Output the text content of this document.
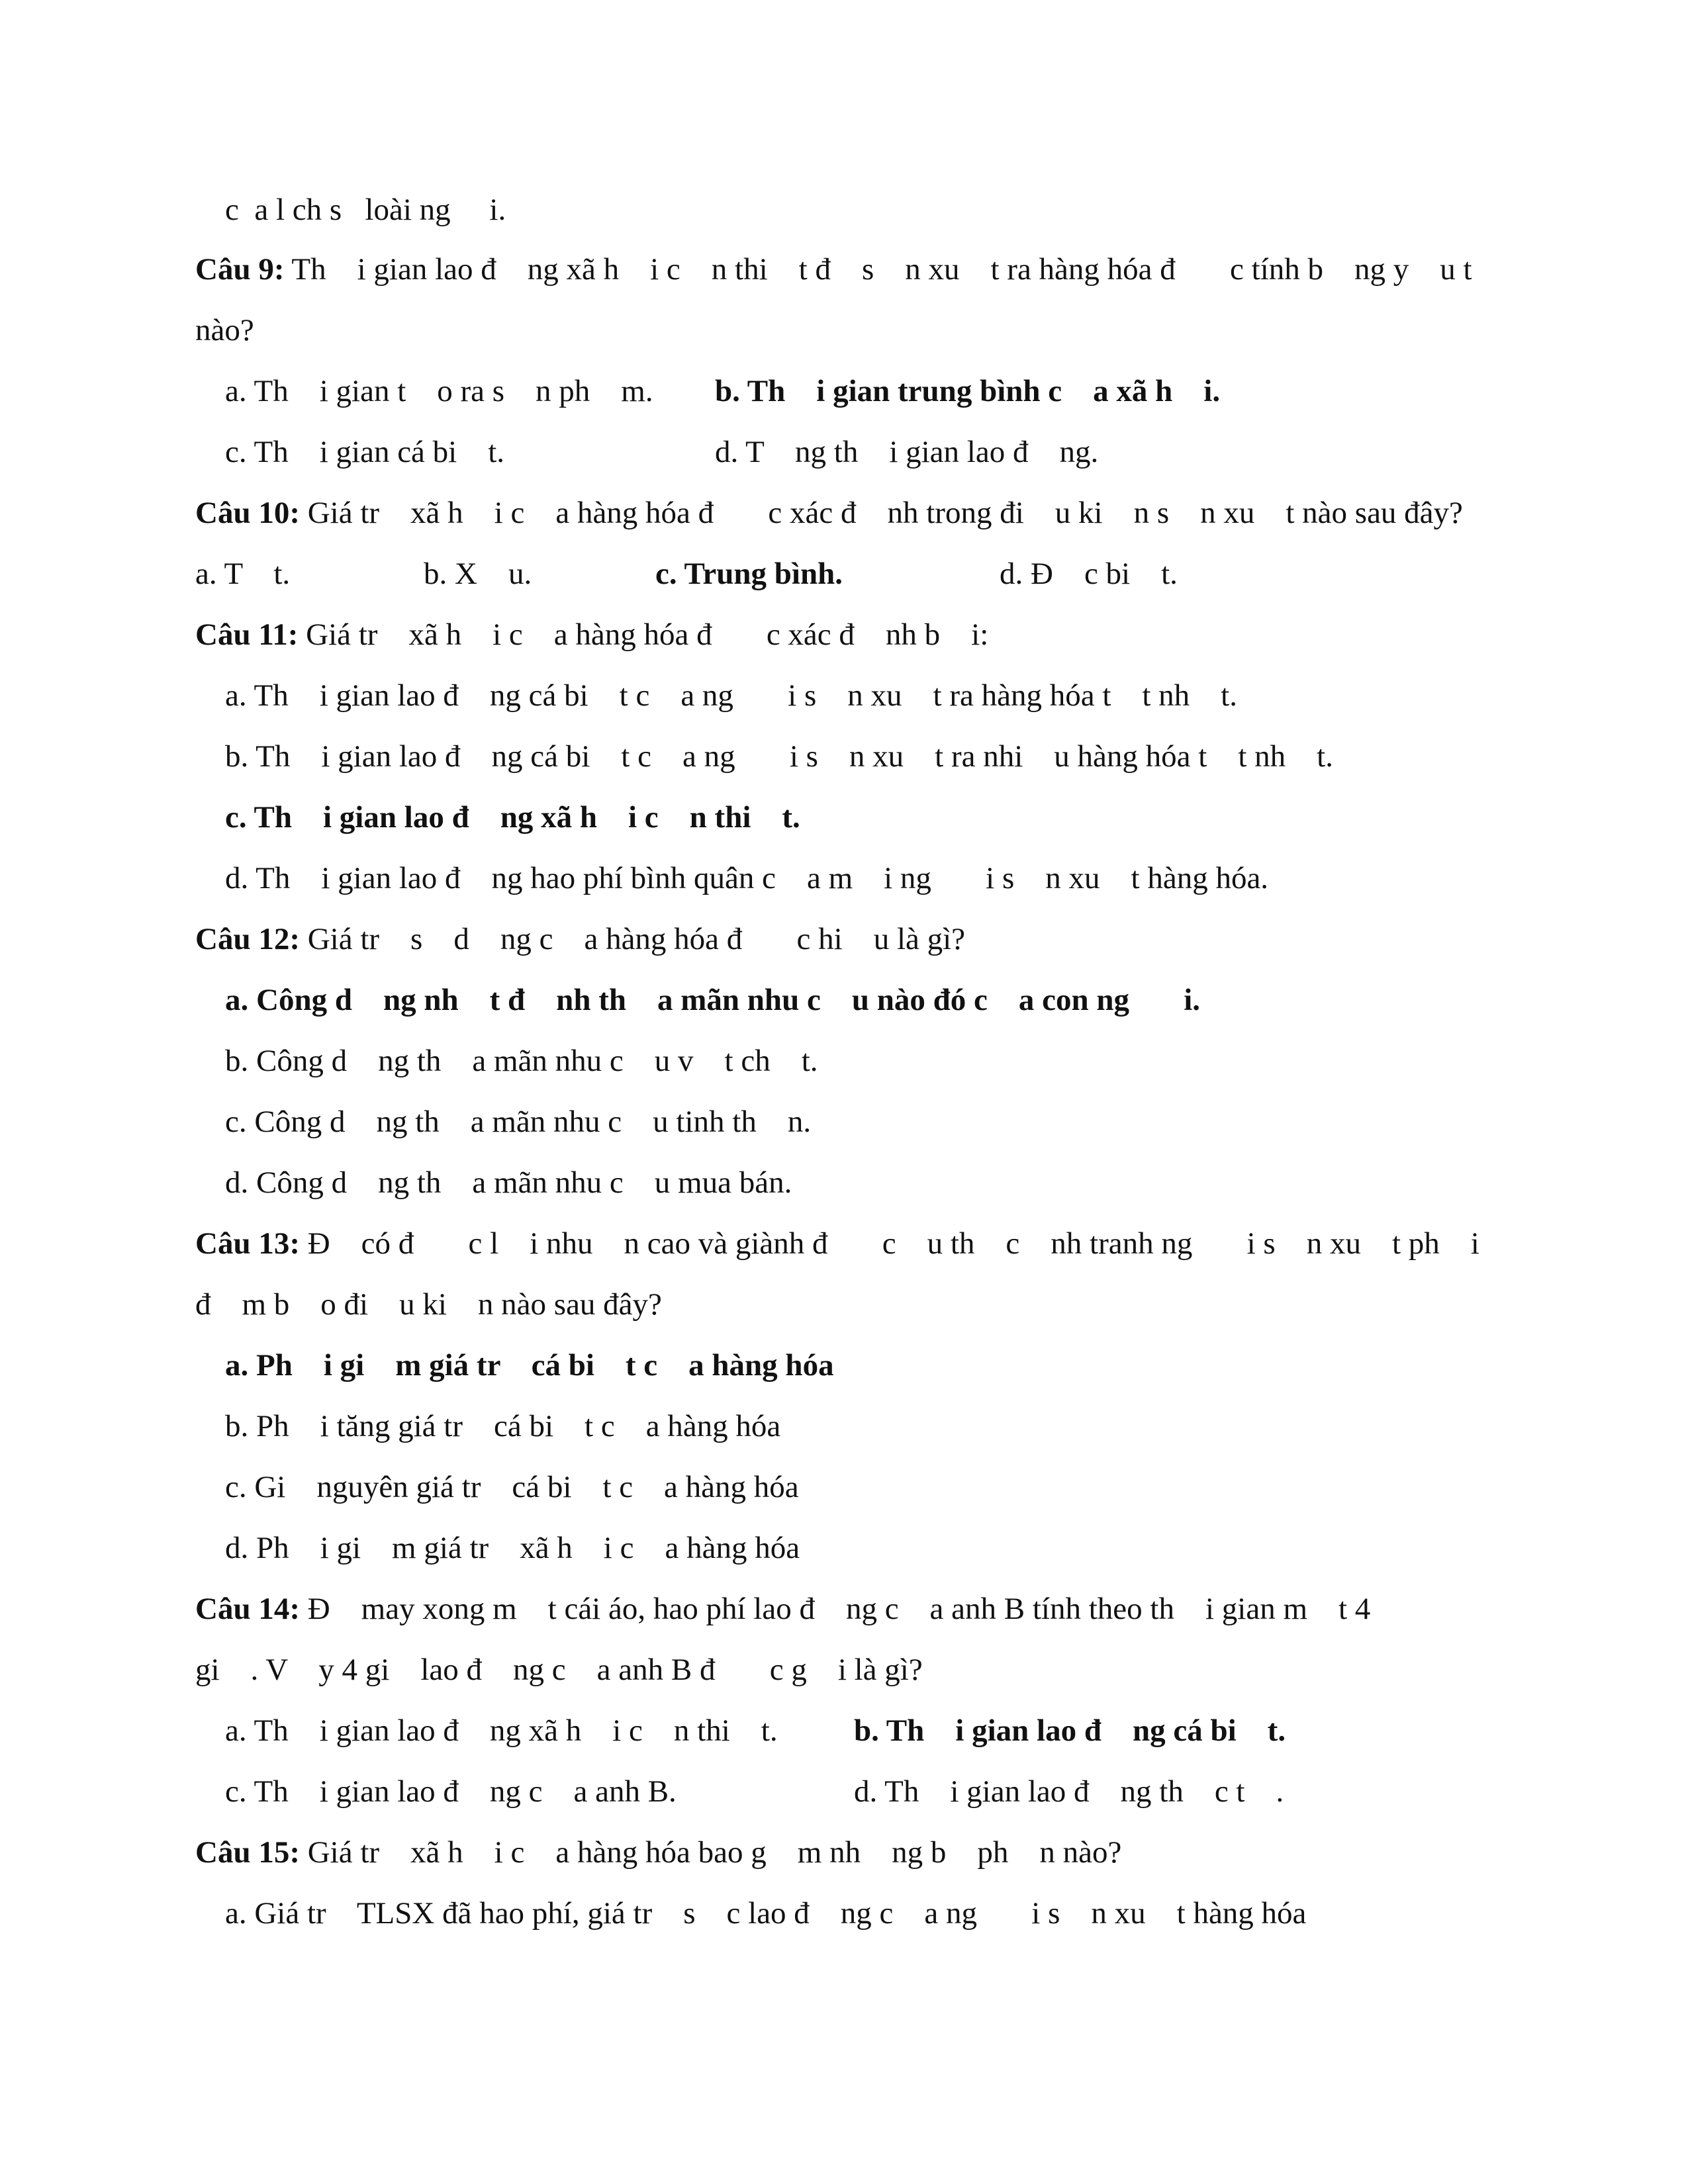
c  a l ch s   loài ng     i.
Câu 9: Th    i gian lao đ    ng xã h    i c    n thi    t đ    s    n xu    t ra hàng hóa đ       c tính b    ng y    u t
nào?
a. Th    i gian t    o ra s    n ph    m. b. Th    i gian trung bình c    a xã h    i.
c. Th    i gian cá bi    t.	d. T    ng th    i gian lao đ    ng.
Câu 10: Giá tr    xã h    i c    a hàng hóa đ       c xác đ    nh trong đi    u ki    n s    n xu    t nào sau đây?
a. T    t.	b. X    u.	c. Trung bình.	d. Đ    c bi    t.
Câu 11: Giá tr    xã h    i c    a hàng hóa đ       c xác đ    nh b    i:
a. Th    i gian lao đ    ng cá bi    t c    a ng       i s    n xu    t ra hàng hóa t    t nh    t.
b. Th    i gian lao đ    ng cá bi    t c    a ng       i s    n xu    t ra nhi    u hàng hóa t    t nh    t.
c. Th    i gian lao đ    ng xã h    i c    n thi    t.
d. Th    i gian lao đ    ng hao phí bình quân c    a m    i ng       i s    n xu    t hàng hóa.
Câu 12: Giá tr    s    d    ng c    a hàng hóa đ       c hi    u là gì?
a. Công d    ng nh    t đ    nh th    a mãn nhu c    u nào đó c    a con ng       i.
b. Công d    ng th    a mãn nhu c    u v    t ch    t.
c. Công d    ng th    a mãn nhu c    u tinh th    n.
d. Công d    ng th    a mãn nhu c    u mua bán.
Câu 13: Đ    có đ       c l    i nhu    n cao và giành đ       c    u th    c    nh tranh ng       i s    n xu    t ph    i
đ    m b    o đi    u ki    n nào sau đây?
a. Ph    i gi    m giá tr    cá bi    t c    a hàng hóa
b. Ph    i tăng giá tr    cá bi    t c    a hàng hóa
c. Gi    nguyên giá tr    cá bi    t c    a hàng hóa
d. Ph    i gi    m giá tr    xã h    i c    a hàng hóa
Câu 14: Đ    may xong m    t cái áo, hao phí lao đ    ng c    a anh B tính theo th    i gian m    t 4
gi    . V    y 4 gi    lao đ    ng c    a anh B đ       c g    i là gì?
a. Th    i gian lao đ    ng xã h    i c    n thi    t. b. Th    i gian lao đ    ng cá bi    t.
c. Th    i gian lao đ    ng c    a anh B.	d. Th    i gian lao đ    ng th    c t    .
Câu 15: Giá tr    xã h    i c    a hàng hóa bao g    m nh    ng b    ph    n nào?
a. Giá tr    TLSX đã hao phí, giá tr    s    c lao đ    ng c    a ng       i s    n xu    t hàng hóa
